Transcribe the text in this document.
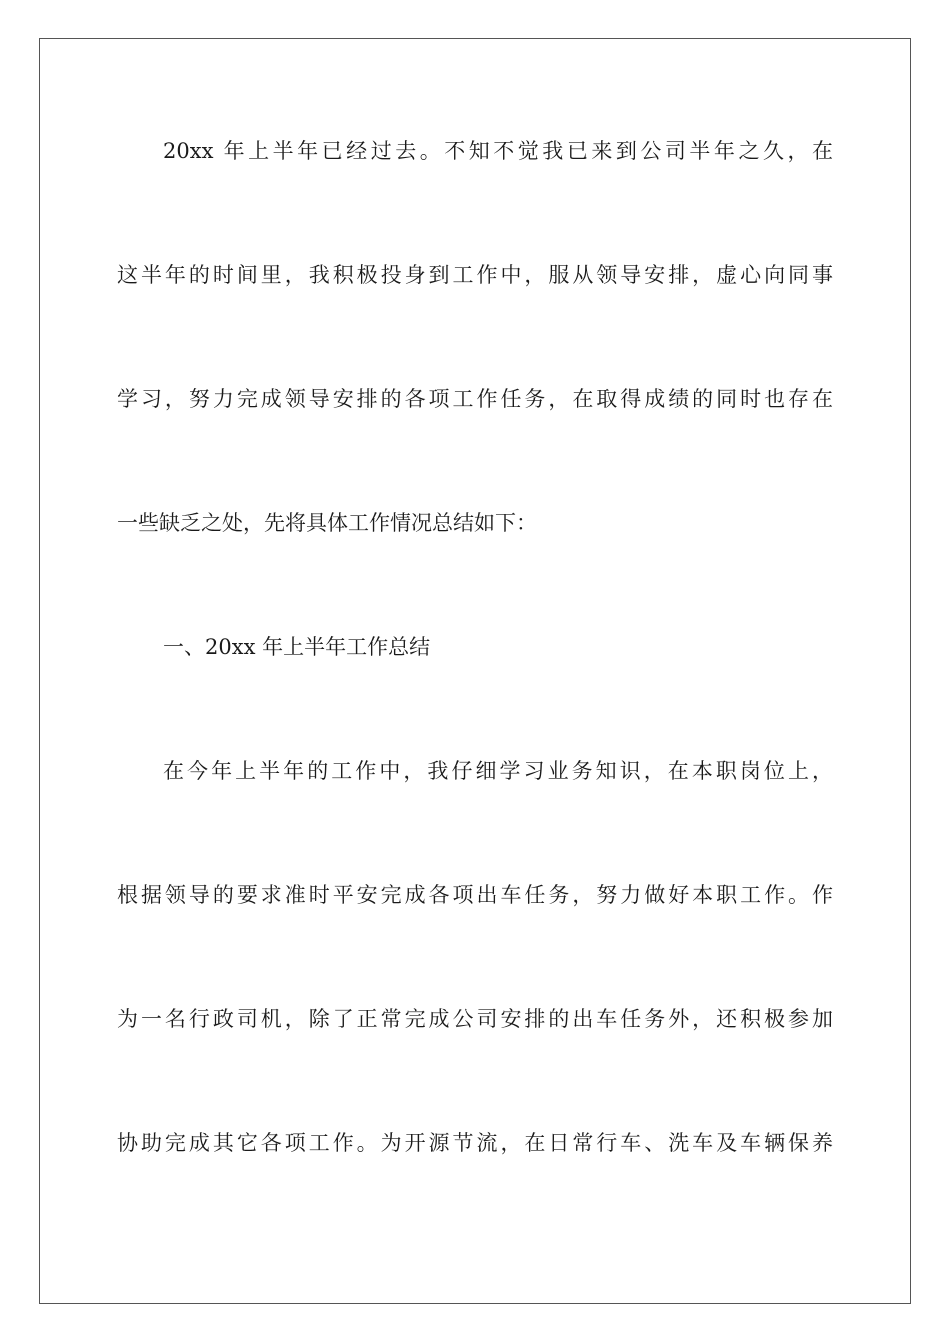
20xx 年上半年已经过去。不知不觉我已来到公司半年之久，在
这半年的时间里，我积极投身到工作中，服从领导安排，虚心向同事
学习，努力完成领导安排的各项工作任务，在取得成绩的同时也存在
一些缺乏之处，先将具体工作情况总结如下：
一、20xx 年上半年工作总结
在今年上半年的工作中，我仔细学习业务知识，在本职岗位上，
根据领导的要求准时平安完成各项出车任务，努力做好本职工作。作
为一名行政司机，除了正常完成公司安排的出车任务外，还积极参加
协助完成其它各项工作。为开源节流，在日常行车、洗车及车辆保养
